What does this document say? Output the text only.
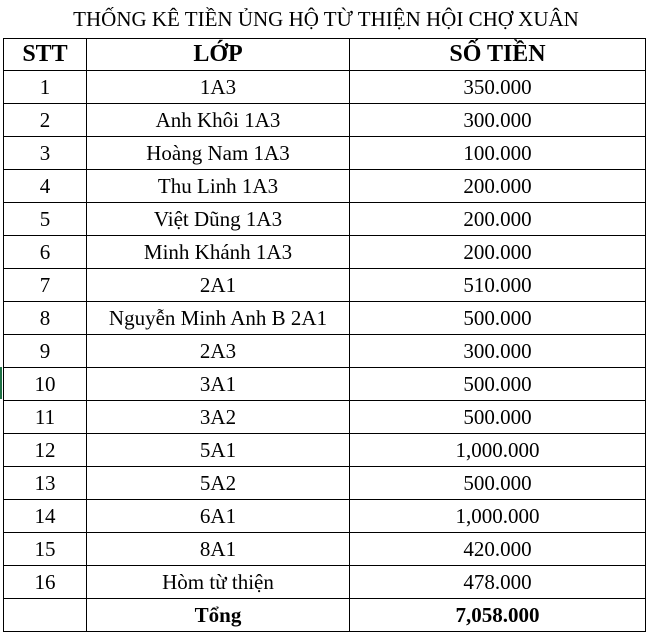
THỐNG KÊ TIỀN ỦNG HỘ TỪ THIỆN HỘI CHỢ XUÂN
STT	LỚP	SỐ TIỀN
1	1A3	350.000
2	Anh Khôi 1A3	300.000
3	Hoàng Nam 1A3	100.000
4	Thu Linh 1A3	200.000
5	Việt Dũng 1A3	200.000
6	Minh Khánh 1A3	200.000
7	2A1	510.000
8	Nguyễn Minh Anh B 2A1	500.000
9	2A3	300.000
10	3A1	500.000
11	3A2	500.000
12	5A1	1,000.000
13	5A2	500.000
14	6A1	1,000.000
15	8A1	420.000
16	Hòm từ thiện	478.000
	Tổng	7,058.000
